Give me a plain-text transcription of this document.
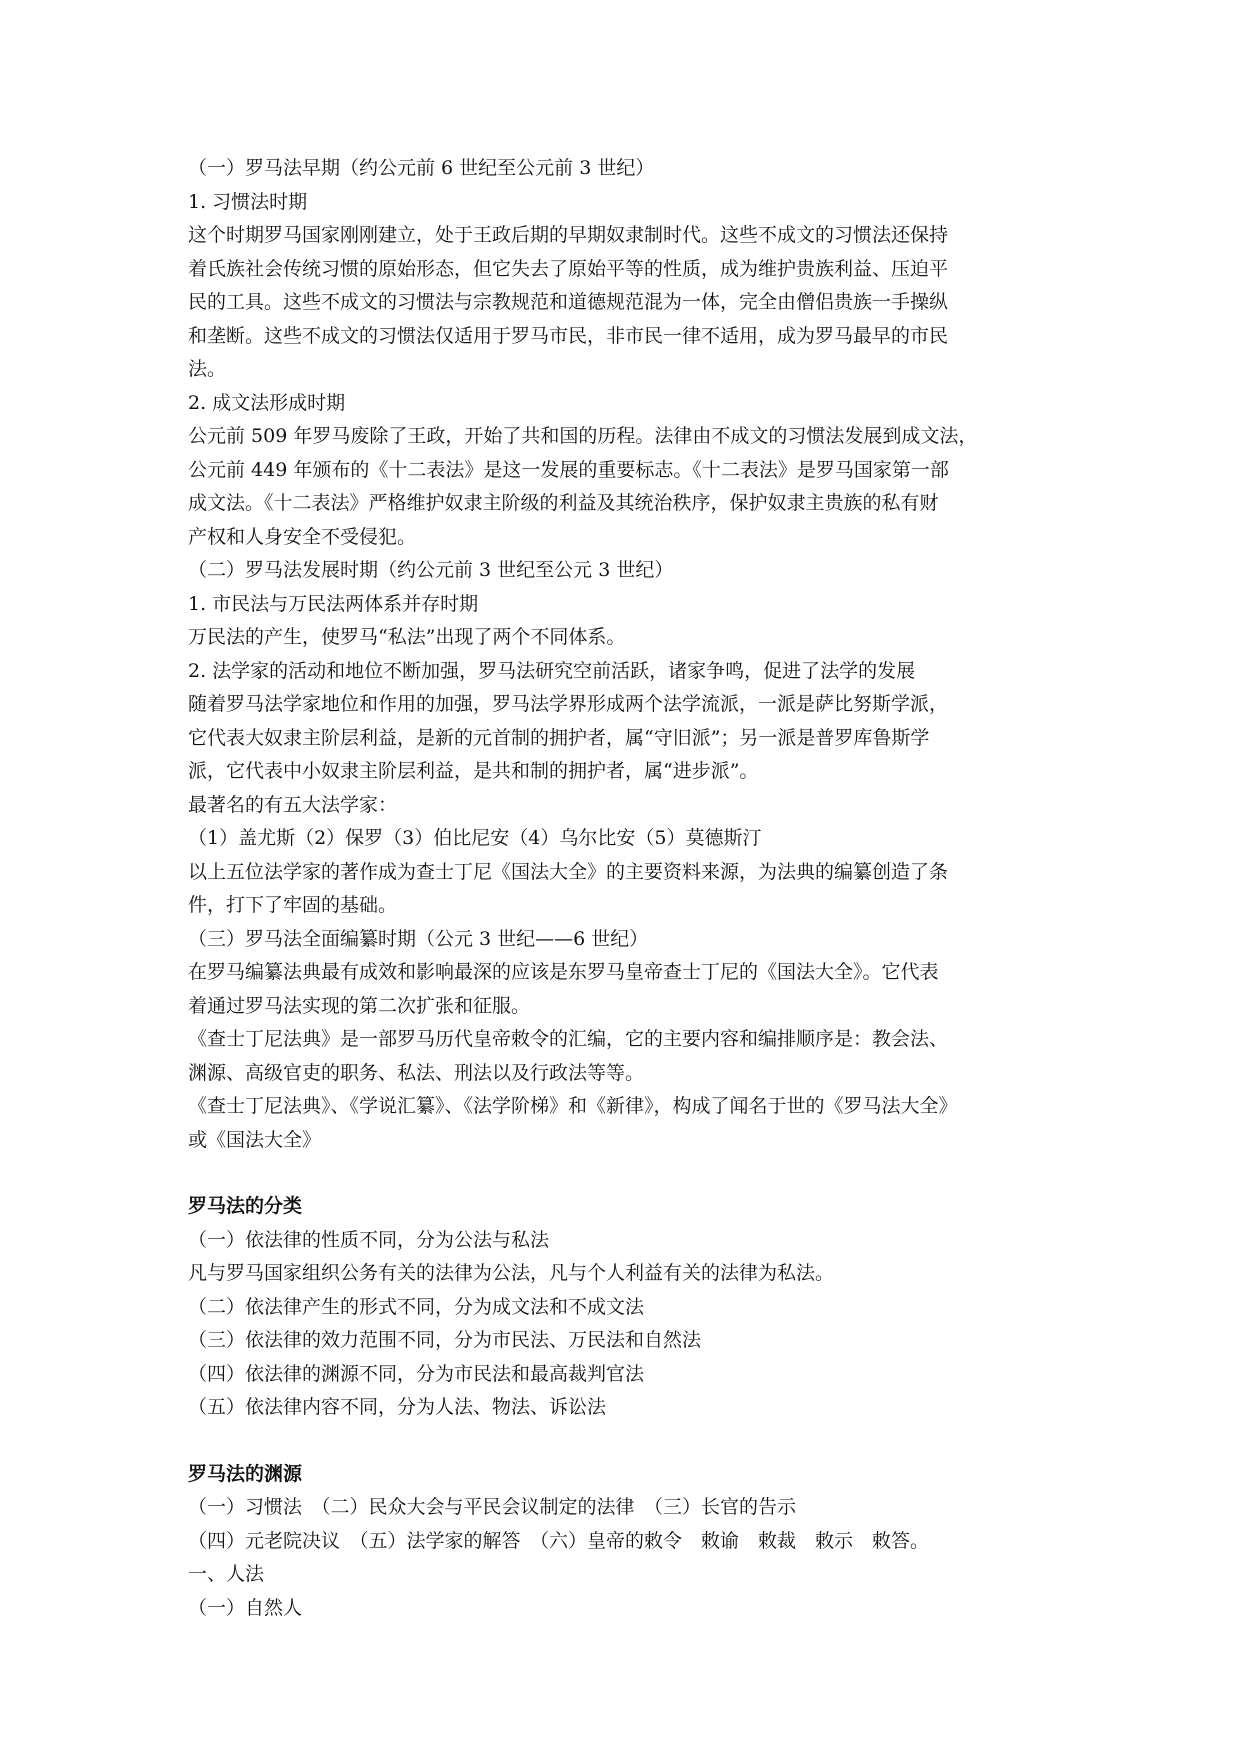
（一）罗马法早期（约公元前 6 世纪至公元前 3 世纪）
1. 习惯法时期
这个时期罗马国家刚刚建立，处于王政后期的早期奴隶制时代。这些不成文的习惯法还保持
着氏族社会传统习惯的原始形态，但它失去了原始平等的性质，成为维护贵族利益、压迫平
民的工具。这些不成文的习惯法与宗教规范和道德规范混为一体，完全由僧侣贵族一手操纵
和垄断。这些不成文的习惯法仅适用于罗马市民，非市民一律不适用，成为罗马最早的市民
法。
2. 成文法形成时期
公元前 509 年罗马废除了王政，开始了共和国的历程。法律由不成文的习惯法发展到成文法，
公元前 449 年颁布的《十二表法》是这一发展的重要标志。《十二表法》是罗马国家第一部
成文法。《十二表法》严格维护奴隶主阶级的利益及其统治秩序，保护奴隶主贵族的私有财
产权和人身安全不受侵犯。
（二）罗马法发展时期（约公元前 3 世纪至公元 3 世纪）
1. 市民法与万民法两体系并存时期
万民法的产生，使罗马“私法”出现了两个不同体系。
2. 法学家的活动和地位不断加强，罗马法研究空前活跃，诸家争鸣，促进了法学的发展
随着罗马法学家地位和作用的加强，罗马法学界形成两个法学流派，一派是萨比努斯学派，
它代表大奴隶主阶层利益，是新的元首制的拥护者，属“守旧派”；另一派是普罗库鲁斯学
派，它代表中小奴隶主阶层利益，是共和制的拥护者，属“进步派”。
最著名的有五大法学家：
（1）盖尤斯（2）保罗（3）伯比尼安（4）乌尔比安（5）莫德斯汀
以上五位法学家的著作成为查士丁尼《国法大全》的主要资料来源，为法典的编纂创造了条
件，打下了牢固的基础。
（三）罗马法全面编纂时期（公元 3 世纪——6 世纪）
在罗马编纂法典最有成效和影响最深的应该是东罗马皇帝查士丁尼的《国法大全》。它代表
着通过罗马法实现的第二次扩张和征服。
《查士丁尼法典》是一部罗马历代皇帝敕令的汇编，它的主要内容和编排顺序是：教会法、
渊源、高级官吏的职务、私法、刑法以及行政法等等。
《查士丁尼法典》、《学说汇纂》、《法学阶梯》和《新律》，构成了闻名于世的《罗马法大全》
或《国法大全》
罗马法的分类
（一）依法律的性质不同，分为公法与私法
凡与罗马国家组织公务有关的法律为公法，凡与个人利益有关的法律为私法。
（二）依法律产生的形式不同，分为成文法和不成文法
（三）依法律的效力范围不同，分为市民法、万民法和自然法
（四）依法律的渊源不同，分为市民法和最高裁判官法
（五）依法律内容不同，分为人法、物法、诉讼法
罗马法的渊源
（一）习惯法　（二）民众大会与平民会议制定的法律　（三）长官的告示
（四）元老院决议　（五）法学家的解答　（六）皇帝的敕令　敕谕　敕裁　敕示　敕答。
一、人法
（一）自然人
